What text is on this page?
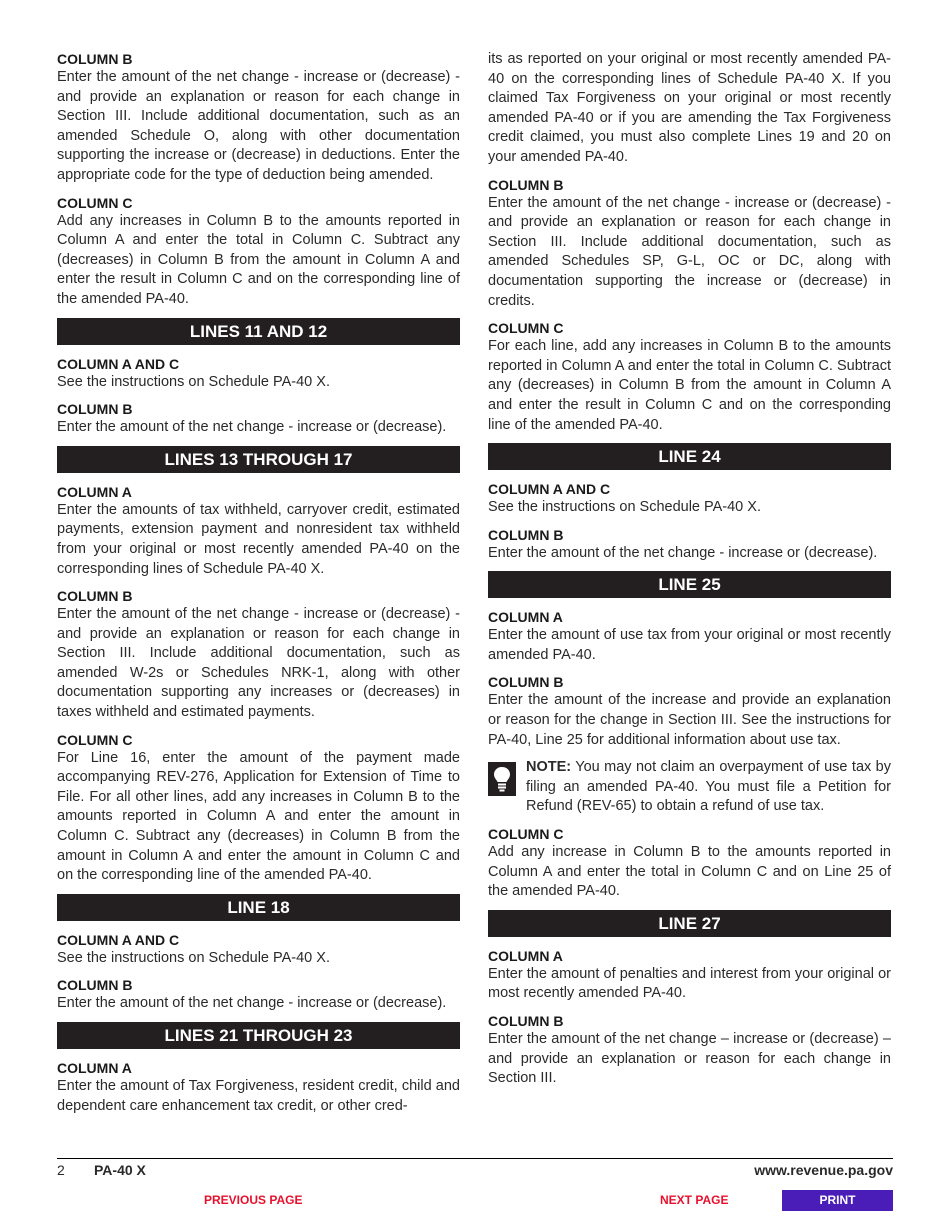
COLUMN B

Enter the amount of the net change - increase or (decrease) - and provide an explanation or reason for each change in Section III. Include additional documentation, such as an amended Schedule O, along with other documentation supporting the increase or (decrease) in deductions. Enter the appropriate code for the type of deduction being amended.

COLUMN C

Add any increases in Column B to the amounts reported in Column A and enter the total in Column C. Subtract any (decreases) in Column B from the amount in Column A and enter the result in Column C and on the corresponding line of the amended PA-40.

LINES 11 AND 12

COLUMN A AND C

See the instructions on Schedule PA-40 X.

COLUMN B

Enter the amount of the net change - increase or (decrease).

LINES 13 THROUGH 17

COLUMN A

Enter the amounts of tax withheld, carryover credit, estimated payments, extension payment and nonresident tax withheld from your original or most recently amended PA-40 on the corresponding lines of Schedule PA-40 X.

COLUMN B

Enter the amount of the net change - increase or (decrease) - and provide an explanation or reason for each change in Section III. Include additional documentation, such as amended W-2s or Schedules NRK-1, along with other documentation supporting any increases or (decreases) in taxes withheld and estimated payments.

COLUMN C

For Line 16, enter the amount of the payment made accompanying REV-276, Application for Extension of Time to File. For all other lines, add any increases in Column B to the amounts reported in Column A and enter the amount in Column C. Subtract any (decreases) in Column B from the amount in Column A and enter the amount in Column C and on the corresponding line of the amended PA-40.

LINE 18

COLUMN A AND C

See the instructions on Schedule PA-40 X.

COLUMN B

Enter the amount of the net change - increase or (decrease).

LINES 21 THROUGH 23

COLUMN A

Enter the amount of Tax Forgiveness, resident credit, child and dependent care enhancement tax credit, or other cred-

its as reported on your original or most recently amended PA-40 on the corresponding lines of Schedule PA-40 X. If you claimed Tax Forgiveness on your original or most recently amended PA-40 or if you are amending the Tax Forgiveness credit claimed, you must also complete Lines 19 and 20 on your amended PA-40.

COLUMN B

Enter the amount of the net change - increase or (decrease) - and provide an explanation or reason for each change in Section III. Include additional documentation, such as amended Schedules SP, G-L, OC or DC, along with documentation supporting the increase or (decrease) in credits.

COLUMN C

For each line, add any increases in Column B to the amounts reported in Column A and enter the total in Column C. Subtract any (decreases) in Column B from the amount in Column A and enter the result in Column C and on the corresponding line of the amended PA-40.

LINE 24

COLUMN A AND C

See the instructions on Schedule PA-40 X.

COLUMN B

Enter the amount of the net change - increase or (decrease).

LINE 25

COLUMN A

Enter the amount of use tax from your original or most recently amended PA-40.

COLUMN B

Enter the amount of the increase and provide an explanation or reason for the change in Section III. See the instructions for PA-40, Line 25 for additional information about use tax.

NOTE: You may not claim an overpayment of use tax by filing an amended PA-40. You must file a Petition for Refund (REV-65) to obtain a refund of use tax.

COLUMN C

Add any increase in Column B to the amounts reported in Column A and enter the total in Column C and on Line 25 of the amended PA-40.

LINE 27

COLUMN A

Enter the amount of penalties and interest from your original or most recently amended PA-40.

COLUMN B

Enter the amount of the net change – increase or (decrease) – and provide an explanation or reason for each change in Section III.

2 PA-40 X	www.revenue.pa.gov
PREVIOUS PAGE	NEXT PAGE	PRINT
